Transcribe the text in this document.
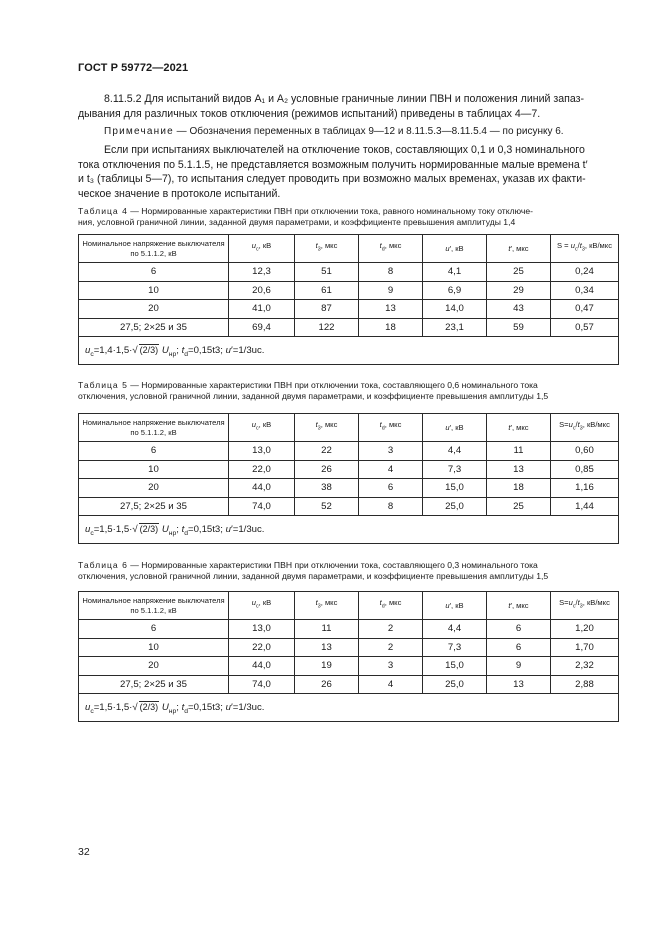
ГОСТ Р 59772—2021
8.11.5.2 Для испытаний видов A₁ и A₂ условные граничные линии ПВН и положения линий запаз-
дывания для различных токов отключения (режимов испытаний) приведены в таблицах 4—7.
Примечание — Обозначения переменных в таблицах 9—12 и 8.11.5.3—8.11.5.4 — по рисунку 6.
Если при испытаниях выключателей на отключение токов, составляющих 0,1 и 0,3 номинального
тока отключения по 5.1.1.5, не представляется возможным получить нормированные малые времена t′
и t₃ (таблицы 5—7), то испытания следует проводить при возможно малых временах, указав их факти-
ческое значение в протоколе испытаний.
Таблица 4 — Нормированные характеристики ПВН при отключении тока, равного номинальному току отключе-
ния, условной граничной линии, заданной двумя параметрами, и коэффициенте превышения амплитуды 1,4
Номинальное напряжение выключателя по 5.1.1.2, кВ	$u_c$, кВ	$t_3$, мкс	$t_d$, мкс	u′, кВ	t′, мкс	$S = u_c/t_3$, кВ/мкс
6	12,3	51	8	4,1	25	0,24
10	20,6	61	9	6,9	29	0,34
20	41,0	87	13	14,0	43	0,47
27,5; 2×25 и 35	69,4	122	18	23,1	59	0,57
$u_c=1,4\cdot 1,5\cdot√$ (2/3) $U_{нр}$; $t_d=0,15t3$; u′=1/3uc.						
Таблица 5 — Нормированные характеристики ПВН при отключении тока, составляющего 0,6 номинального тока
отключения, условной граничной линии, заданной двумя параметрами, и коэффициенте превышения амплитуды 1,5
Номинальное напряжение выключателя по 5.1.1.2, кВ	$u_c$, кВ	$t_3$, мкс	$t_d$, мкс	u′, кВ	t′, мкс	$S=u_c/t_3$, кВ/мкс
6	13,0	22	3	4,4	11	0,60
10	22,0	26	4	7,3	13	0,85
20	44,0	38	6	15,0	18	1,16
27,5; 2×25 и 35	74,0	52	8	25,0	25	1,44
$u_c=1,5\cdot 1,5\cdot√$ (2/3) $U_{нр}$; $t_d=0,15t3$; u′=1/3uc.						
Таблица 6 — Нормированные характеристики ПВН при отключении тока, составляющего 0,3 номинального тока
отключения, условной граничной линии, заданной двумя параметрами, и коэффициенте превышения амплитуды 1,5
Номинальное напряжение выключателя по 5.1.1.2, кВ	$u_c$, кВ	$t_3$, мкс	$t_d$, мкс	u′, кВ	t′, мкс	$S=u_c/t_3$, кВ/мкс
6	13,0	11	2	4,4	6	1,20
10	22,0	13	2	7,3	6	1,70
20	44,0	19	3	15,0	9	2,32
27,5; 2×25 и 35	74,0	26	4	25,0	13	2,88
$u_c=1,5\cdot 1,5\cdot√$ (2/3) $U_{нр}$; $t_d=0,15t3$; u′=1/3uc.						
32
